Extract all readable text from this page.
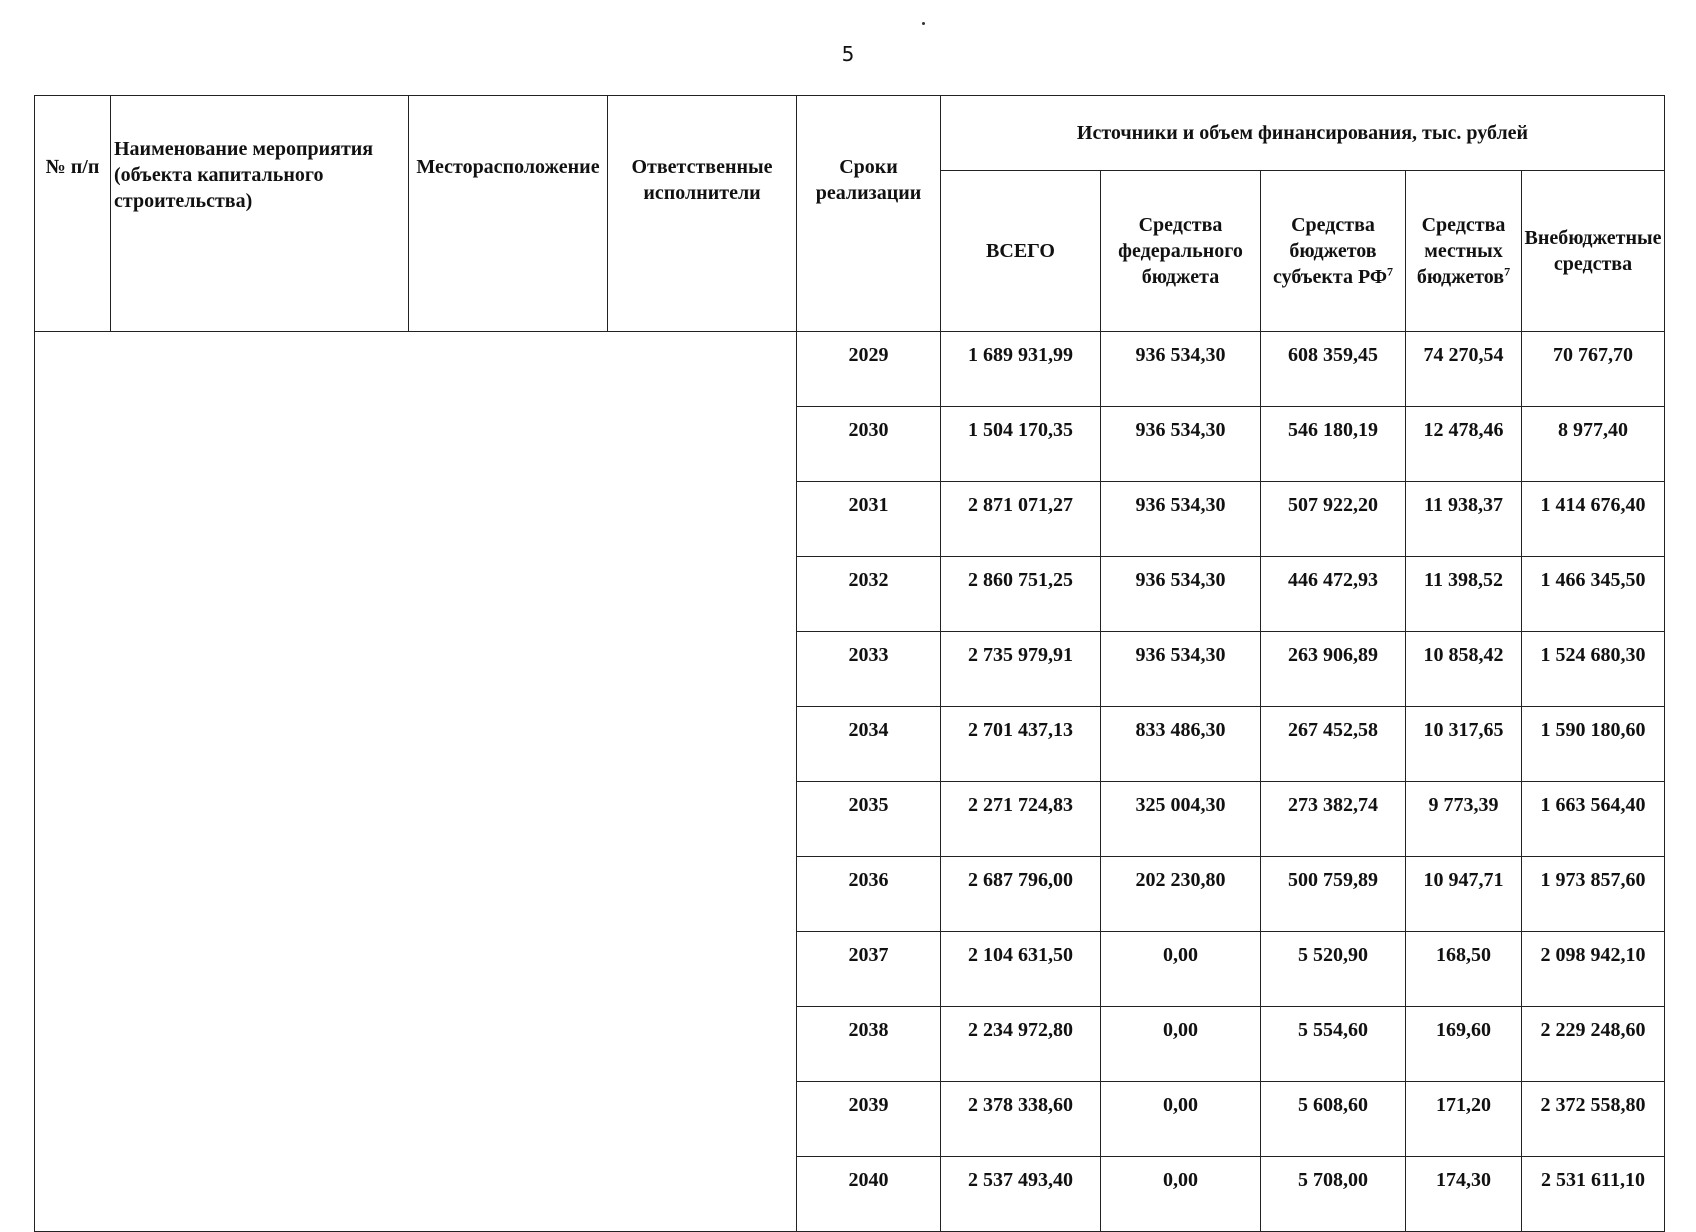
5
№ п/п	Наименование мероприятия (объекта капитального строительства)	Месторасположение	Ответственные исполнители	Сроки реализации	Источники и объем финансирования, тыс. рублей				
					ВСЕГО	Средства федерального бюджета	Средства бюджетов субъекта $РФ^7$	Средства местных бюджетов$^7$	Внебюджетные средства
				2029	1 689 931,99	936 534,30	608 359,45	74 270,54	70 767,70
				2030	1 504 170,35	936 534,30	546 180,19	12 478,46	8 977,40
				2031	2 871 071,27	936 534,30	507 922,20	11 938,37	1 414 676,40
				2032	2 860 751,25	936 534,30	446 472,93	11 398,52	1 466 345,50
				2033	2 735 979,91	936 534,30	263 906,89	10 858,42	1 524 680,30
				2034	2 701 437,13	833 486,30	267 452,58	10 317,65	1 590 180,60
				2035	2 271 724,83	325 004,30	273 382,74	9 773,39	1 663 564,40
				2036	2 687 796,00	202 230,80	500 759,89	10 947,71	1 973 857,60
				2037	2 104 631,50	0,00	5 520,90	168,50	2 098 942,10
				2038	2 234 972,80	0,00	5 554,60	169,60	2 229 248,60
				2039	2 378 338,60	0,00	5 608,60	171,20	2 372 558,80
				2040	2 537 493,40	0,00	5 708,00	174,30	2 531 611,10
